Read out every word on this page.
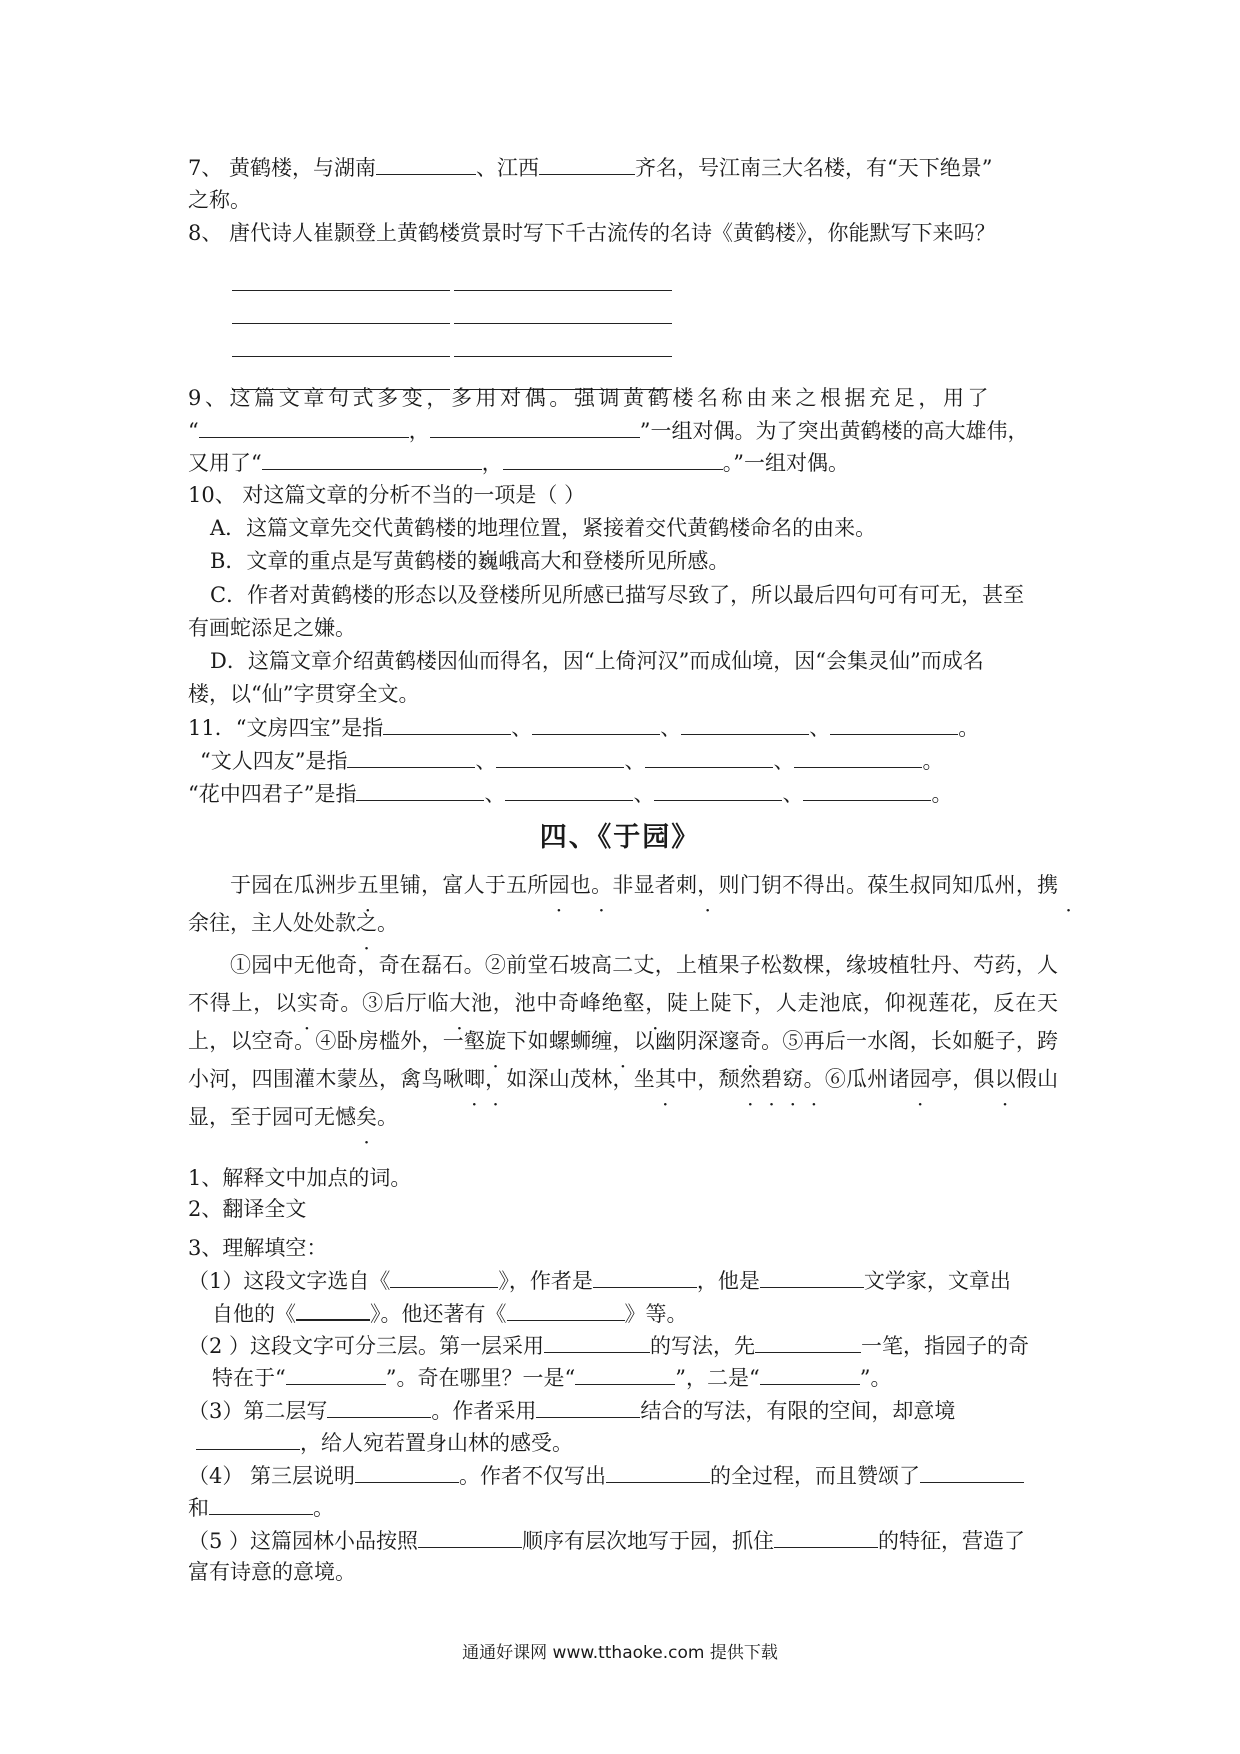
7、 黄鹤楼，与湖南	、江西	齐名，号江南三大名楼，有“天下绝景”
之称。
8、 唐代诗人崔颢登上黄鹤楼赏景时写下千古流传的名诗《黄鹤楼》，你能默写下来吗？
9、这篇文章句式多变，多用对偶。强调黄鹤楼名称由来之根据充足，用了
“	，	”一组对偶。为了突出黄鹤楼的高大雄伟，
又用了“	，	。”一组对偶。
10、 对这篇文章的分析不当的一项是（ ）
A．这篇文章先交代黄鹤楼的地理位置，紧接着交代黄鹤楼命名的由来。
B．文章的重点是写黄鹤楼的巍峨高大和登楼所见所感。
C．作者对黄鹤楼的形态以及登楼所见所感已描写尽致了，所以最后四句可有可无，甚至
有画蛇添足之嫌。
D．这篇文章介绍黄鹤楼因仙而得名，因“上倚河汉”而成仙境，因“会集灵仙”而成名
楼，以“仙”字贯穿全文。
11．“文房四宝”是指	、	、	、	。
“文人四友”是指	、	、	、	。
“花中四君子”是指	、	、	、	。
四、《于园》
于园在瓜洲步五里铺，富人于五所园也。非显者刺，则门钥不得出。葆生叔同知瓜州，携余往，主人处处款之。
①园中无他奇，奇在磊石。②前堂石坡高二丈，上植果子松数棵，缘坡植牡丹、芍药，人不得上，以实奇。③后厅临大池，池中奇峰绝壑，陡上陡下，人走池底，仰视莲花，反在天上，以空奇。④卧房槛外，一壑旋下如螺蛳缠，以幽阴深邃奇。⑤再后一水阁，长如艇子，跨小河，四围灌木蒙丛，禽鸟啾唧，如深山茂林，坐其中，颓然碧窈。⑥瓜州诸园亭，俱以假山显，至于园可无憾矣。
1、解释文中加点的词。
2、翻译全文
3、理解填空：
（1）这段文字选自《	》，作者是	，他是	文学家，文章出
自他的《	》。他还著有《	》等。
（2 ）这段文字可分三层。第一层采用	的写法，先	一笔，指园子的奇
特在于“	”。奇在哪里？一是“	”，二是“	”。
（3）第二层写	。作者采用	结合的写法，有限的空间，却意境
，给人宛若置身山林的感受。
（4） 第三层说明	。作者不仅写出	的全过程，而且赞颂了
和	。
（5 ）这篇园林小品按照	顺序有层次地写于园，抓住	的特征，营造了
富有诗意的意境。
通通好课网 www.tthaoke.com 提供下载
